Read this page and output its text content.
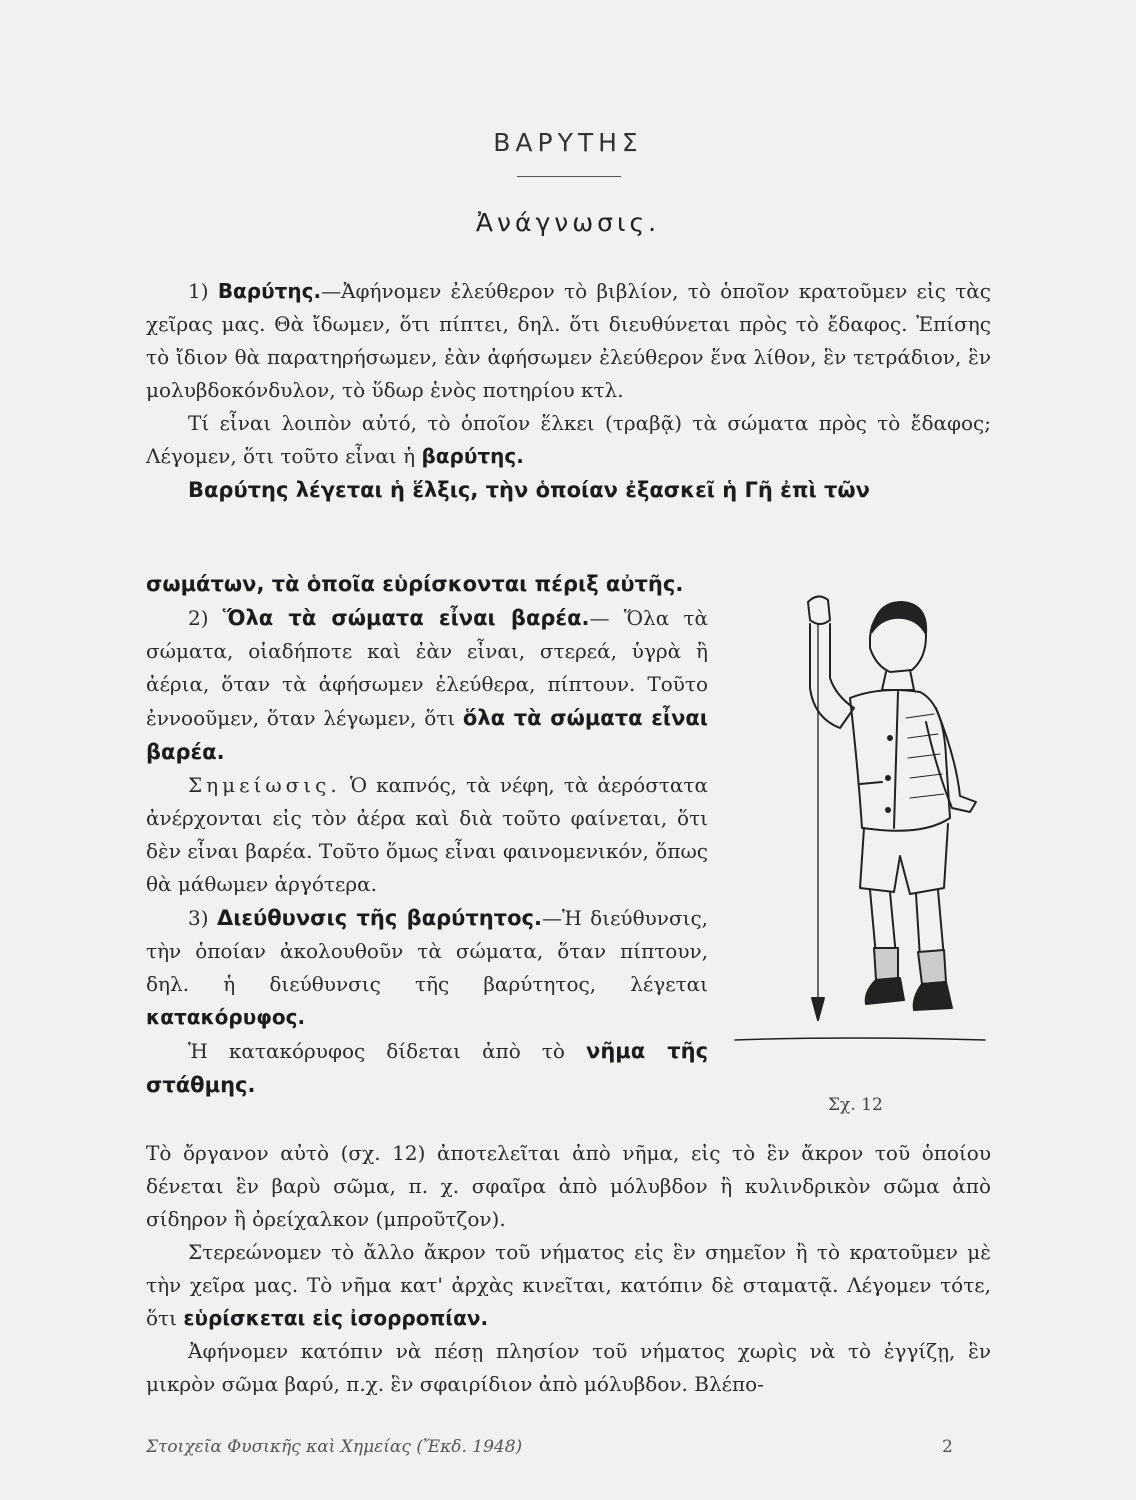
ΒΑΡΥΤΗΣ
Ἀνάγνωσις.

1) Βαρύτης.—Ἀφήνομεν ἐλεύθερον τὸ βιβλίον, τὸ ὁποῖον κρατοῦμεν εἰς τὰς χεῖρας μας. Θὰ ἴδωμεν, ὅτι πίπτει, δηλ. ὅτι διευθύνεται πρὸς τὸ ἔδαφος. Ἐπίσης τὸ ἴδιον θὰ παρατηρήσωμεν, ἐὰν ἀφήσωμεν ἐλεύθερον ἕνα λίθον, ἓν τετράδιον, ἓν μολυβδοκόνδυλον, τὸ ὕδωρ ἑνὸς ποτηρίου κτλ.

Τί εἶναι λοιπὸν αὐτό, τὸ ὁποῖον ἕλκει (τραβᾷ) τὰ σώματα πρὸς τὸ ἔδαφος; Λέγομεν, ὅτι τοῦτο εἶναι ἡ βαρύτης.

Βαρύτης λέγεται ἡ ἕλξις, τὴν ὁποίαν ἐξασκεῖ ἡ Γῆ ἐπὶ τῶν

σωμάτων, τὰ ὁποῖα εὑρίσκονται πέριξ αὐτῆς.

2) Ὅλα τὰ σώματα εἶναι βαρέα.— Ὅλα τὰ σώματα, οἱαδήποτε καὶ ἐὰν εἶναι, στερεά, ὑγρὰ ἢ ἀέρια, ὅταν τὰ ἀφήσωμεν ἐλεύθερα, πίπτουν. Τοῦτο ἐννοοῦμεν, ὅταν λέγωμεν, ὅτι ὅλα τὰ σώματα εἶναι βαρέα.

Σημείωσις. Ὁ καπνός, τὰ νέφη, τὰ ἀερόστατα ἀνέρχονται εἰς τὸν ἀέρα καὶ διὰ τοῦτο φαίνεται, ὅτι δὲν εἶναι βαρέα. Τοῦτο ὅμως εἶναι φαινομενικόν, ὅπως θὰ μάθωμεν ἀργότερα.

3) Διεύθυνσις τῆς βαρύτητος.—Ἡ διεύθυνσις, τὴν ὁποίαν ἀκολουθοῦν τὰ σώματα, ὅταν πίπτουν, δηλ. ἡ διεύθυνσις τῆς βαρύτητος, λέγεται κατακόρυφος.

Ἡ κατακόρυφος δίδεται ἀπὸ τὸ νῆμα τῆς στάθμης.

Τὸ ὄργανον αὐτὸ (σχ. 12) ἀποτελεῖται ἀπὸ νῆμα, εἰς τὸ ἓν ἄκρον τοῦ ὁποίου δένεται ἓν βαρὺ σῶμα, π. χ. σφαῖρα ἀπὸ μόλυβδον ἢ κυλινδρικὸν σῶμα ἀπὸ σίδηρον ἢ ὀρείχαλκον (μπροῦτζον).

Στερεώνομεν τὸ ἄλλο ἄκρον τοῦ νήματος εἰς ἓν σημεῖον ἢ τὸ κρατοῦμεν μὲ τὴν χεῖρα μας. Τὸ νῆμα κατ' ἀρχὰς κινεῖται, κατόπιν δὲ σταματᾷ. Λέγομεν τότε, ὅτι εὑρίσκεται εἰς ἰσορροπίαν.

Ἀφήνομεν κατόπιν νὰ πέσῃ πλησίον τοῦ νήματος χωρὶς νὰ τὸ ἐγγίζῃ, ἓν μικρὸν σῶμα βαρύ, π.χ. ἓν σφαιρίδιον ἀπὸ μόλυβδον. Βλέπο-

Σχ. 12
Στοιχεῖα Φυσικῆς καὶ Χημείας (Ἔκδ. 1948)	2
